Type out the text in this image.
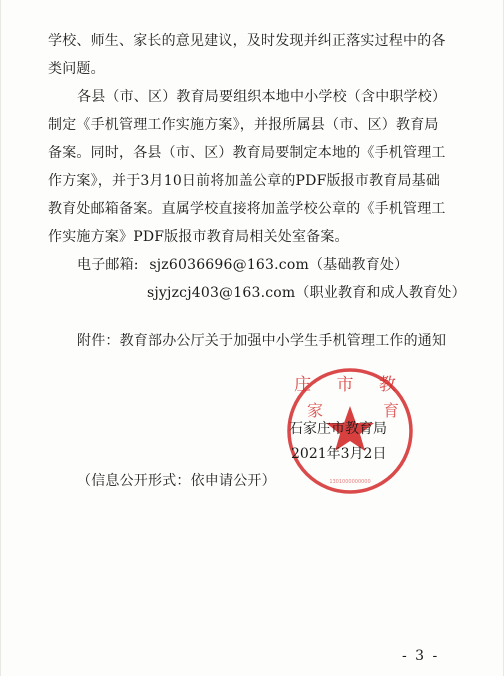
学校、师生、家长的意见建议，及时发现并纠正落实过程中的各
类问题。
各县（市、区）教育局要组织本地中小学校（含中职学校）
制定《手机管理工作实施方案》，并报所属县（市、区）教育局
备案。同时，各县（市、区）教育局要制定本地的《手机管理工
作方案》，并于3月10日前将加盖公章的PDF版报市教育局基础
教育处邮箱备案。直属学校直接将加盖学校公章的《手机管理工
作实施方案》PDF版报市教育局相关处室备案。
电子邮箱: sjz6036696@163.com（基础教育处）
sjyjzcj403@163.com（职业教育和成人教育处）
附件：教育部办公厅关于加强中小学生手机管理工作的通知
庄 市 教
家	育
1301000000000
石家庄市教育局
2021年3月2日
（信息公开形式：依申请公开）
- 3 -
